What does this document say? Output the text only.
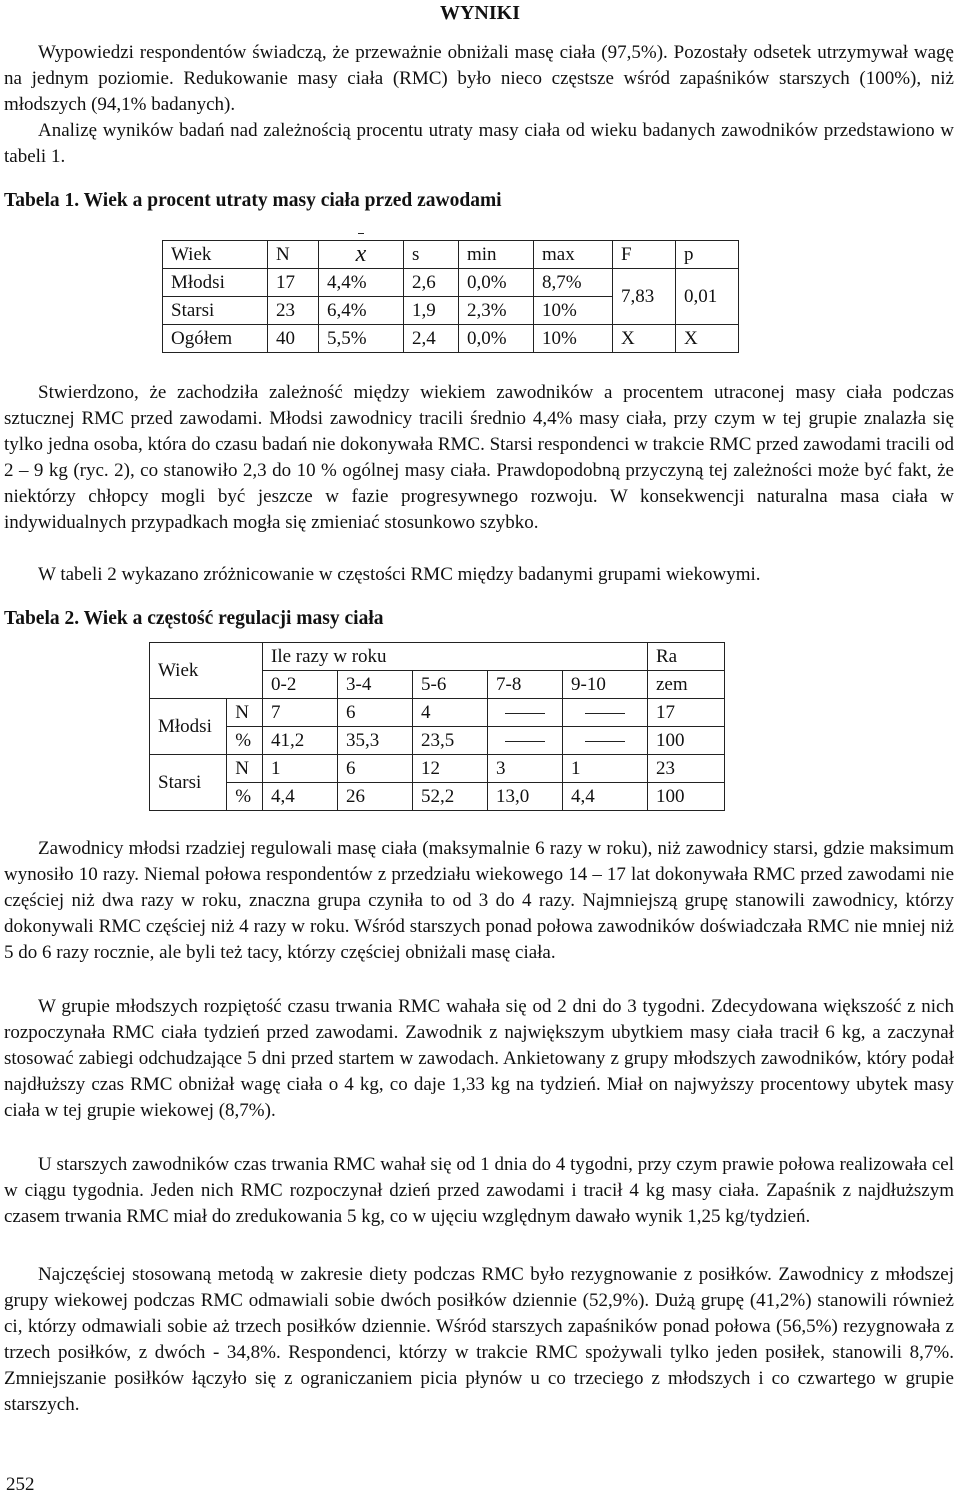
WYNIKI

Wypowiedzi respondentów świadczą, że przeważnie obniżali masę ciała (97,5%). Pozostały odsetek utrzymywał wagę na jednym poziomie. Redukowanie masy ciała (RMC) było nieco częstsze wśród zapaśników starszych (100%), niż młodszych (94,1% badanych).

Analizę wyników badań nad zależnością procentu utraty masy ciała od wieku badanych zawodników przedstawiono w tabeli 1.

Tabela 1. Wiek a procent utraty masy ciała przed zawodami

Wiek	N	x	s	min	max	F	p
Młodsi	17	4,4%	2,6	0,0%	8,7%	7,83	0,01
Starsi	23	6,4%	1,9	2,3%	10%		
Ogółem	40	5,5%	2,4	0,0%	10%	X	X

Stwierdzono, że zachodziła zależność między wiekiem zawodników a procentem utraconej masy ciała podczas sztucznej RMC przed zawodami. Młodsi zawodnicy tracili średnio 4,4% masy ciała, przy czym w tej grupie znalazła się tylko jedna osoba, która do czasu badań nie dokonywała RMC. Starsi respondenci w trakcie RMC przed zawodami tracili od 2 – 9 kg (ryc. 2), co stanowiło 2,3 do 10 % ogólnej masy ciała. Prawdopodobną przyczyną tej zależności może być fakt, że niektórzy chłopcy mogli być jeszcze w fazie progresywnego rozwoju. W konsekwencji naturalna masa ciała w indywidualnych przypadkach mogła się zmieniać stosunkowo szybko.

W tabeli 2 wykazano zróżnicowanie w częstości RMC między badanymi grupami wiekowymi.

Tabela 2. Wiek a częstość regulacji masy ciała

Wiek		Ile razy w roku					Ra
		0-2	3-4	5-6	7-8	9-10	zem
Młodsi	N	7	6	4			17
	%	41,2	35,3	23,5			100
Starsi	N	1	6	12	3	1	23
	%	4,4	26	52,2	13,0	4,4	100

Zawodnicy młodsi rzadziej regulowali masę ciała (maksymalnie 6 razy w roku), niż zawodnicy starsi, gdzie maksimum wynosiło 10 razy. Niemal połowa respondentów z przedziału wiekowego 14 – 17 lat dokonywała RMC przed zawodami nie częściej niż dwa razy w roku, znaczna grupa czyniła to od 3 do 4 razy. Najmniejszą grupę stanowili zawodnicy, którzy dokonywali RMC częściej niż 4 razy w roku. Wśród starszych ponad połowa zawodników doświadczała RMC nie mniej niż 5 do 6 razy rocznie, ale byli też tacy, którzy częściej obniżali masę ciała.

W grupie młodszych rozpiętość czasu trwania RMC wahała się od 2 dni do 3 tygodni. Zdecydowana większość z nich rozpoczynała RMC ciała tydzień przed zawodami. Zawodnik z największym ubytkiem masy ciała tracił 6 kg, a zaczynał stosować zabiegi odchudzające 5 dni przed startem w zawodach. Ankietowany z grupy młodszych zawodników, który podał najdłuższy czas RMC obniżał wagę ciała o 4 kg, co daje 1,33 kg na tydzień. Miał on najwyższy procentowy ubytek masy ciała w tej grupie wiekowej (8,7%).

U starszych zawodników czas trwania RMC wahał się od 1 dnia do 4 tygodni, przy czym prawie połowa realizowała cel w ciągu tygodnia. Jeden nich RMC rozpoczynał dzień przed zawodami i tracił 4 kg masy ciała. Zapaśnik z najdłuższym czasem trwania RMC miał do zredukowania 5 kg, co w ujęciu względnym dawało wynik 1,25 kg/tydzień.

Najczęściej stosowaną metodą w zakresie diety podczas RMC było rezygnowanie z posiłków. Zawodnicy z młodszej grupy wiekowej podczas RMC odmawiali sobie dwóch posiłków dziennie (52,9%). Dużą grupę (41,2%) stanowili również ci, którzy odmawiali sobie aż trzech posiłków dziennie. Wśród starszych zapaśników ponad połowa (56,5%) rezygnowała z trzech posiłków, z dwóch - 34,8%. Respondenci, którzy w trakcie RMC spożywali tylko jeden posiłek, stanowili 8,7%. Zmniejszanie posiłków łączyło się z ograniczaniem picia płynów u co trzeciego z młodszych i co czwartego w grupie starszych.

252
